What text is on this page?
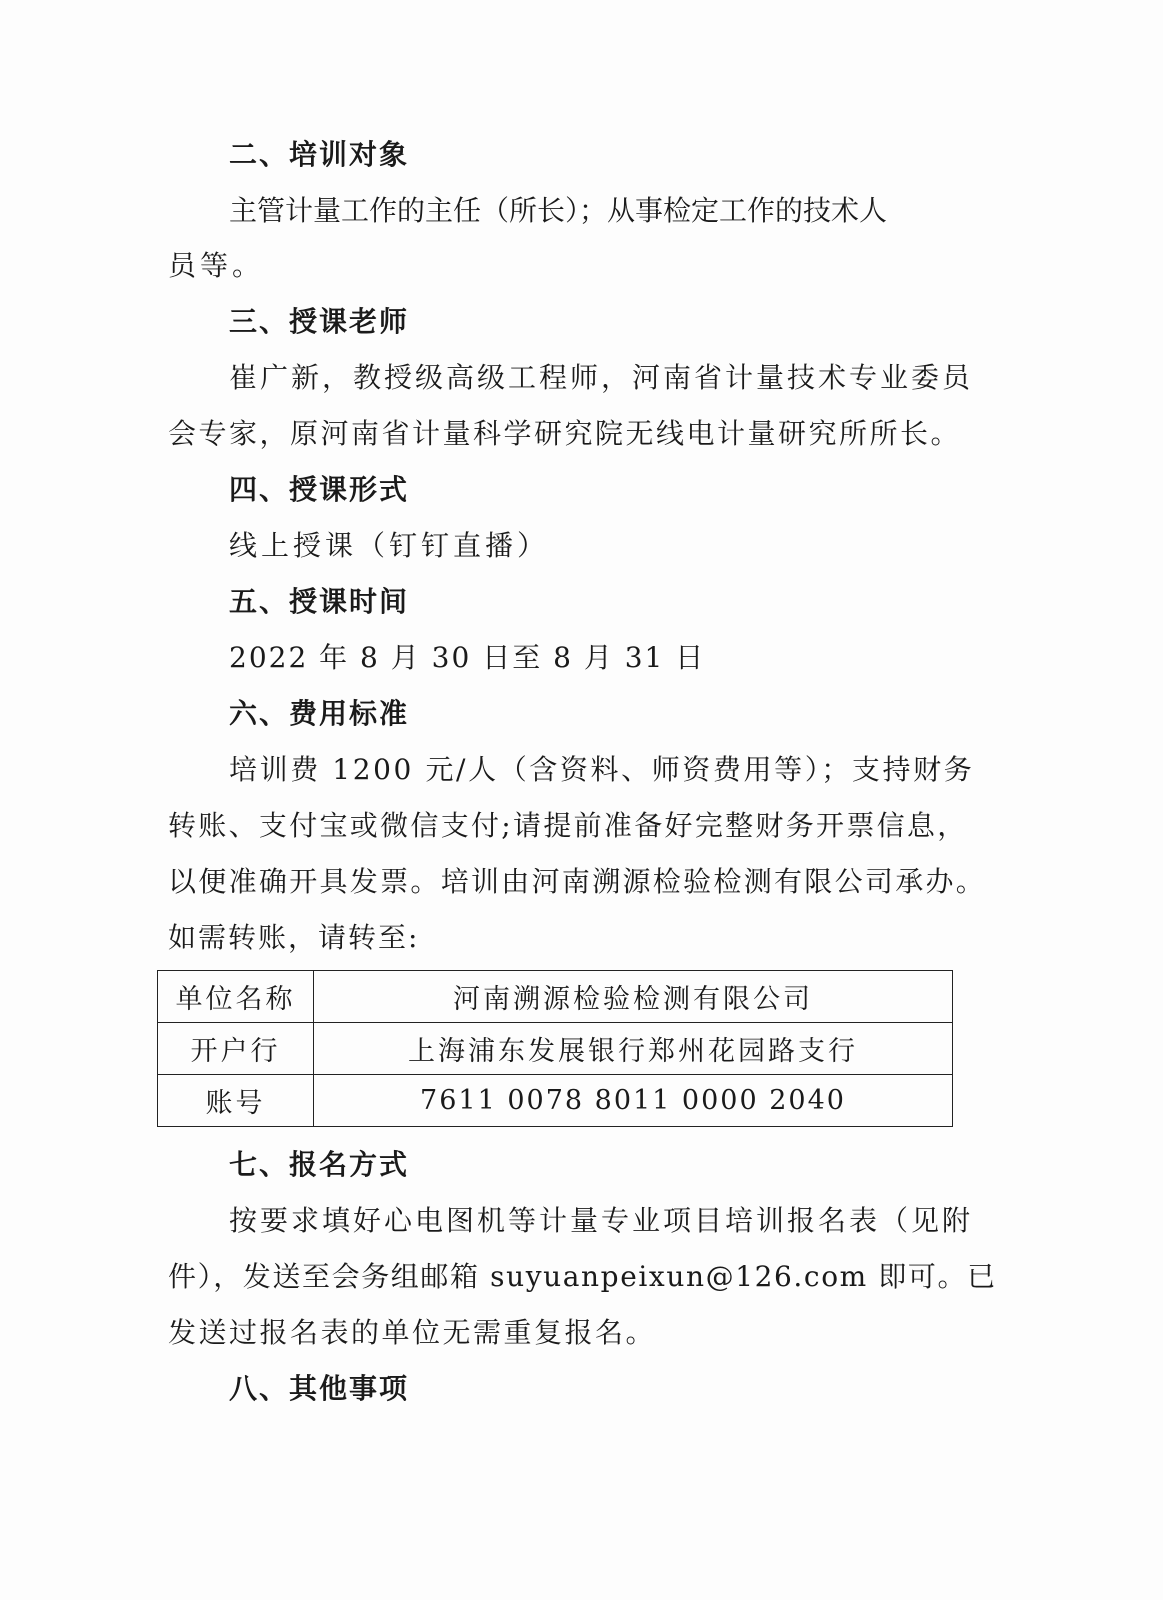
二、培训对象
主管计量工作的主任（所长）；从事检定工作的技术人
员等。
三、授课老师
崔广新，教授级高级工程师，河南省计量技术专业委员
会专家，原河南省计量科学研究院无线电计量研究所所长。
四、授课形式
线上授课（钉钉直播）
五、授课时间
2022 年 8 月 30 日至 8 月 31 日
六、费用标准
培训费 1200 元/人（含资料、师资费用等）；支持财务
转账、支付宝或微信支付;请提前准备好完整财务开票信息，
以便准确开具发票。培训由河南溯源检验检测有限公司承办。
如需转账，请转至:
单位名称	河南溯源检验检测有限公司
开户行	上海浦东发展银行郑州花园路支行
账号	7611 0078 8011 0000 2040
七、报名方式
按要求填好心电图机等计量专业项目培训报名表（见附
件），发送至会务组邮箱 suyuanpeixun@126.com 即可。已
发送过报名表的单位无需重复报名。
八、其他事项
